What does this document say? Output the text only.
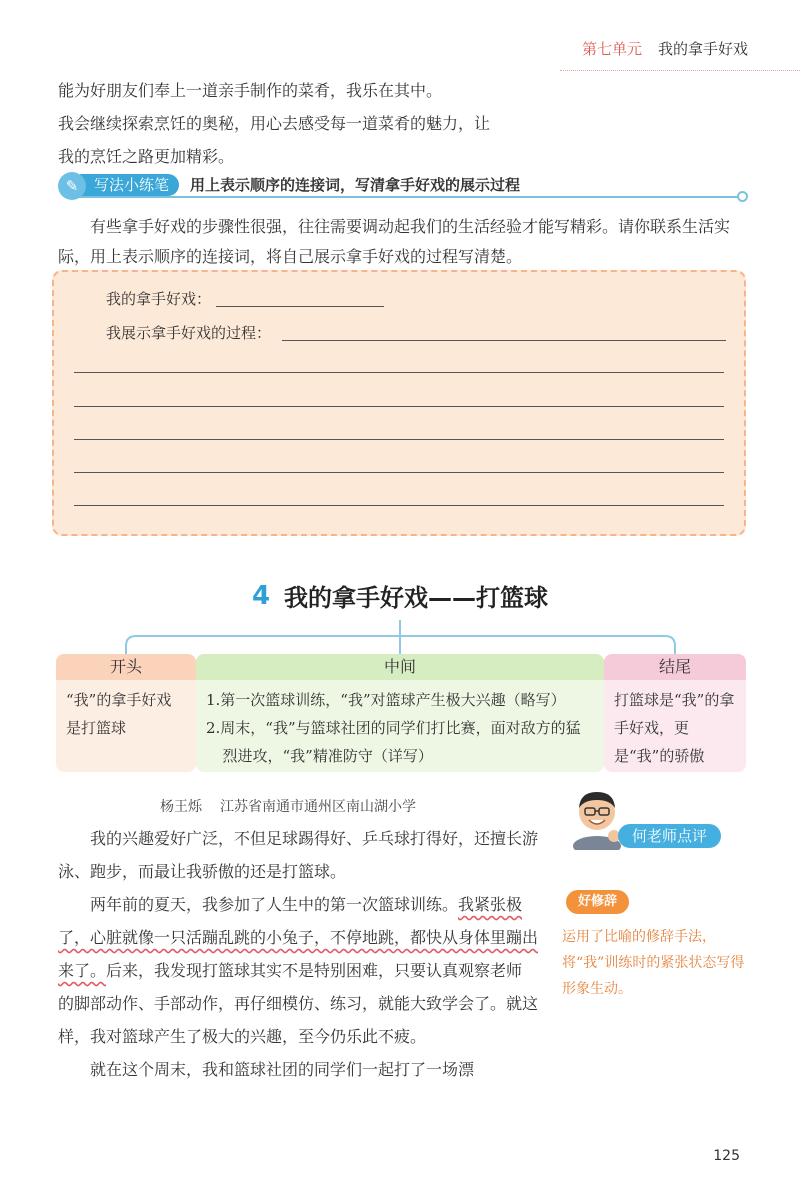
第七单元 我的拿手好戏

能为好朋友们奉上一道亲手制作的菜肴，我乐在其中。

我会继续探索烹饪的奥秘，用心去感受每一道菜肴的魅力，让

我的烹饪之路更加精彩。

写法小练笔
✎	用上表示顺序的连接词，写清拿手好戏的展示过程

有些拿手好戏的步骤性很强，往往需要调动起我们的生活经验才能写精彩。请你联系生活实际，用上表示顺序的连接词，将自己展示拿手好戏的过程写清楚。

我的拿手好戏：
我展示拿手好戏的过程：
4 我的拿手好戏——打篮球
开头
“我”的拿手好戏是打篮球
中间
1.第一次篮球训练，“我”对篮球产生极大兴趣（略写）
2.周末，“我”与篮球社团的同学们打比赛，面对敌方的猛烈进攻，“我”精准防守（详写）
结尾
打篮球是“我”的拿手好戏，更是“我”的骄傲
杨王烁 江苏省南通市通州区南山湖小学

我的兴趣爱好广泛，不但足球踢得好、乒乓球打得好，还擅长游泳、跑步，而最让我骄傲的还是打篮球。

两年前的夏天，我参加了人生中的第一次篮球训练。我紧张极了，心脏就像一只活蹦乱跳的小兔子，不停地跳，都快从身体里蹦出来了。后来，我发现打篮球其实不是特别困难，只要认真观察老师的脚部动作、手部动作，再仔细模仿、练习，就能大致学会了。就这样，我对篮球产生了极大的兴趣，至今仍乐此不疲。

就在这个周末，我和篮球社团的同学们一起打了一场漂

何老师点评
好修辞

运用了比喻的修辞手法，将“我”训练时的紧张状态写得形象生动。

125
